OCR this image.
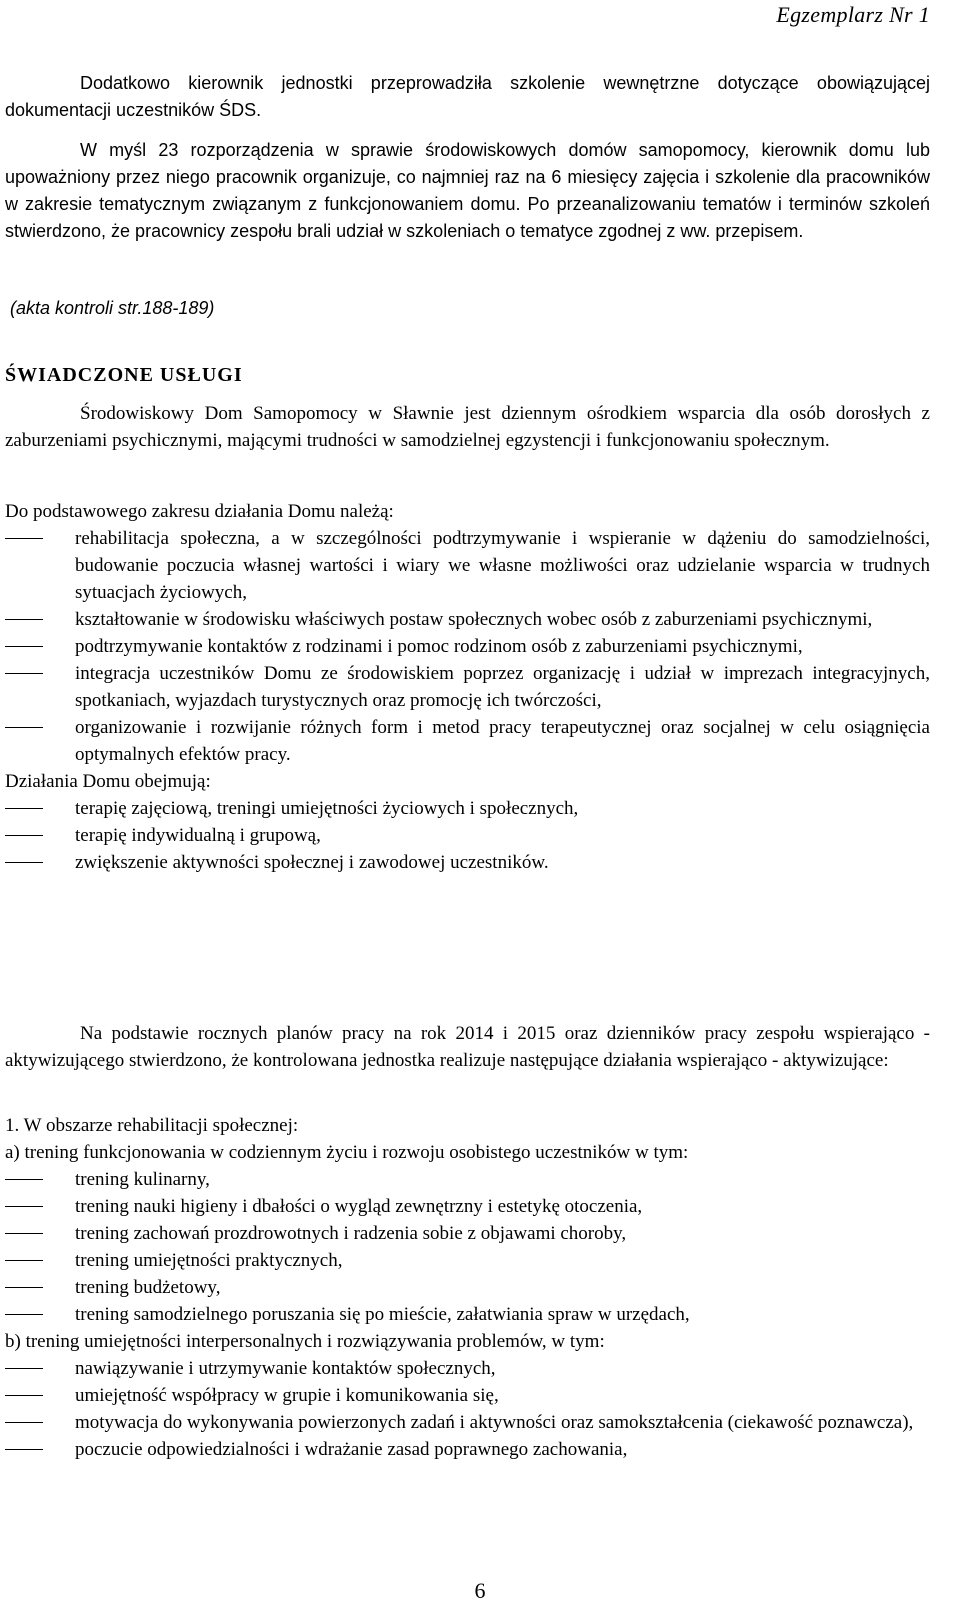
Egzemplarz Nr 1

Dodatkowo kierownik jednostki przeprowadziła szkolenie wewnętrzne dotyczące obowiązującej dokumentacji uczestników ŚDS.

W myśl 23 rozporządzenia w sprawie środowiskowych domów samopomocy, kierownik domu lub upoważniony przez niego pracownik organizuje, co najmniej raz na 6 miesięcy zajęcia i szkolenie dla pracowników w zakresie tematycznym związanym z funkcjonowaniem domu. Po przeanalizowaniu tematów i terminów szkoleń stwierdzono, że pracownicy zespołu brali udział w szkoleniach o tematyce zgodnej z ww. przepisem.

(akta kontroli str.188-189)

ŚWIADCZONE USŁUGI

Środowiskowy Dom Samopomocy w Sławnie jest dziennym ośrodkiem wsparcia dla osób dorosłych z zaburzeniami psychicznymi, mającymi trudności w samodzielnej egzystencji i funkcjonowaniu społecznym.

Do podstawowego zakresu działania Domu należą:

rehabilitacja społeczna, a w szczególności podtrzymywanie i wspieranie w dążeniu do samodzielności, budowanie poczucia własnej wartości i wiary we własne możliwości oraz udzielanie wsparcia w trudnych sytuacjach życiowych,
kształtowanie w środowisku właściwych postaw społecznych wobec osób z zaburzeniami psychicznymi,
podtrzymywanie kontaktów z rodzinami i pomoc rodzinom osób z zaburzeniami psychicznymi,
integracja uczestników Domu ze środowiskiem poprzez organizację i udział w imprezach integracyjnych, spotkaniach, wyjazdach turystycznych oraz promocję ich twórczości,
organizowanie i rozwijanie różnych form i metod pracy terapeutycznej oraz socjalnej w celu osiągnięcia optymalnych efektów pracy.

Działania Domu obejmują:

terapię zajęciową, treningi umiejętności życiowych i społecznych,
terapię indywidualną i grupową,
zwiększenie aktywności społecznej i zawodowej uczestników.

Na podstawie rocznych planów pracy na rok 2014 i 2015 oraz dzienników pracy zespołu wspierająco - aktywizującego stwierdzono, że kontrolowana jednostka realizuje następujące działania wspierająco - aktywizujące:

1. W obszarze rehabilitacji społecznej:

a) trening funkcjonowania w codziennym życiu i rozwoju osobistego uczestników w tym:

trening kulinarny,
trening nauki higieny i dbałości o wygląd zewnętrzny i estetykę otoczenia,
trening zachowań prozdrowotnych i radzenia sobie z objawami choroby,
trening umiejętności praktycznych,
trening budżetowy,
trening samodzielnego poruszania się po mieście, załatwiania spraw w urzędach,

b) trening umiejętności interpersonalnych i rozwiązywania problemów, w tym:

nawiązywanie i utrzymywanie kontaktów społecznych,
umiejętność współpracy w grupie i komunikowania się,
motywacja do wykonywania powierzonych zadań i aktywności oraz samokształcenia (ciekawość poznawcza),
poczucie odpowiedzialności i wdrażanie zasad poprawnego zachowania,
6
